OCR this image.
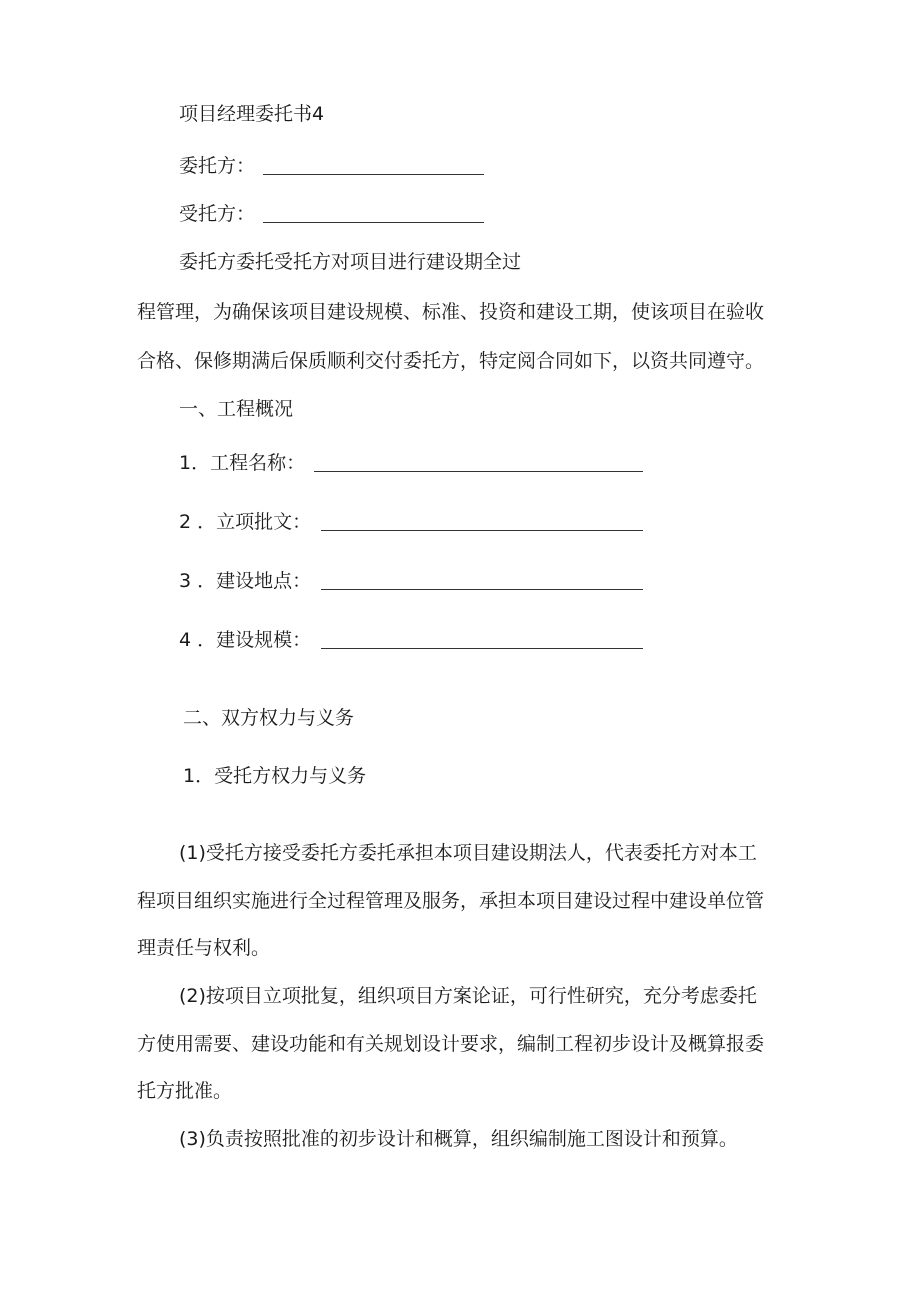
项目经理委托书4
委托方：
受托方：
委托方委托受托方对项目进行建设期全过
程管理，为确保该项目建设规模、标准、投资和建设工期，使该项目在验收
合格、保修期满后保质顺利交付委托方，特定阅合同如下，以资共同遵守。
一、工程概况
1．工程名称：
2 ．立项批文：
3 ．建设地点：
4 ．建设规模：
二、双方权力与义务
1．受托方权力与义务
(1)受托方接受委托方委托承担本项目建设期法人，代表委托方对本工
程项目组织实施进行全过程管理及服务，承担本项目建设过程中建设单位管
理责任与权利。
(2)按项目立项批复，组织项目方案论证，可行性研究，充分考虑委托
方使用需要、建设功能和有关规划设计要求，编制工程初步设计及概算报委
托方批准。
(3)负责按照批准的初步设计和概算，组织编制施工图设计和预算。
